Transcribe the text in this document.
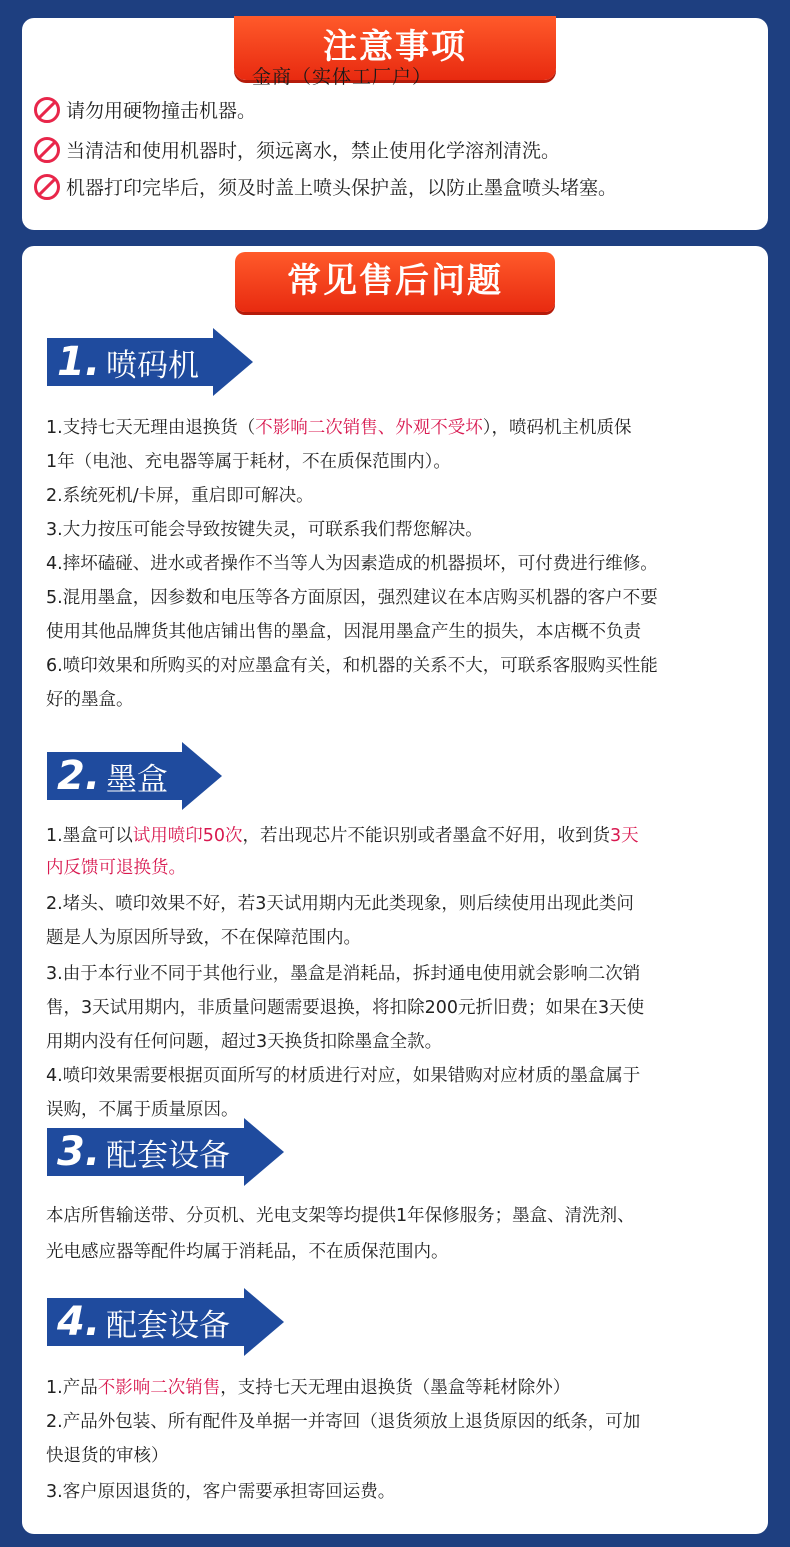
注意事项
金商（实体工厂户）
请勿用硬物撞击机器。
当清洁和使用机器时，须远离水，禁止使用化学溶剂清洗。
机器打印完毕后，须及时盖上喷头保护盖，以防止墨盒喷头堵塞。
常见售后问题
1. 喷码机
1.支持七天无理由退换货（不影响二次销售、外观不受坏），喷码机主机质保
1年（电池、充电器等属于耗材，不在质保范围内）。
2.系统死机/卡屏，重启即可解决。
3.大力按压可能会导致按键失灵，可联系我们帮您解决。
4.摔坏磕碰、进水或者操作不当等人为因素造成的机器损坏，可付费进行维修。
5.混用墨盒，因参数和电压等各方面原因，强烈建议在本店购买机器的客户不要
使用其他品牌货其他店铺出售的墨盒，因混用墨盒产生的损失，本店概不负责
6.喷印效果和所购买的对应墨盒有关，和机器的关系不大，可联系客服购买性能
好的墨盒。
2. 墨盒
1.墨盒可以试用喷印50次，若出现芯片不能识别或者墨盒不好用，收到货3天
内反馈可退换货。
2.堵头、喷印效果不好，若3天试用期内无此类现象，则后续使用出现此类问
题是人为原因所导致，不在保障范围内。
3.由于本行业不同于其他行业，墨盒是消耗品，拆封通电使用就会影响二次销
售，3天试用期内，非质量问题需要退换，将扣除200元折旧费；如果在3天使
用期内没有任何问题，超过3天换货扣除墨盒全款。
4.喷印效果需要根据页面所写的材质进行对应，如果错购对应材质的墨盒属于
误购，不属于质量原因。
3. 配套设备
本店所售输送带、分页机、光电支架等均提供1年保修服务；墨盒、清洗剂、
光电感应器等配件均属于消耗品，不在质保范围内。
4. 配套设备
1.产品不影响二次销售，支持七天无理由退换货（墨盒等耗材除外）
2.产品外包装、所有配件及单据一并寄回（退货须放上退货原因的纸条，可加
快退货的审核）
3.客户原因退货的，客户需要承担寄回运费。
